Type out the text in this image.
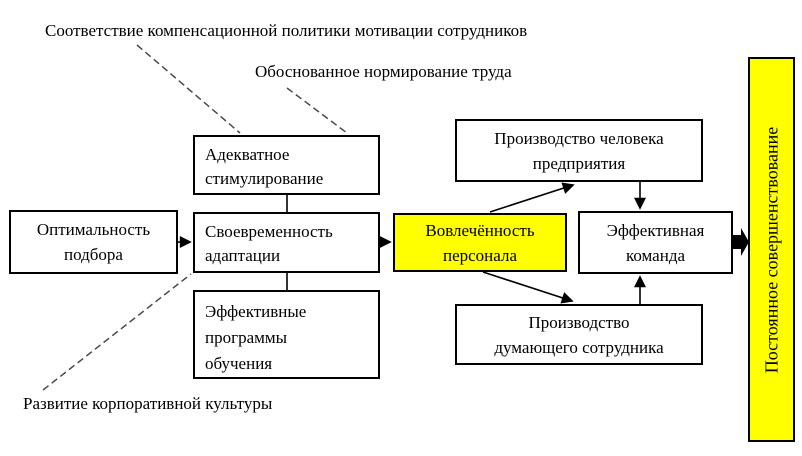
Соответствие компенсационной политики мотивации сотрудников
Обоснованное нормирование труда
Развитие корпоративной культуры
Оптимальность
подбора
Адекватное
стимулирование
Своевременность
адаптации
Эффективные
программы
обучения
Вовлечённость
персонала
Производство человека
предприятия
Эффективная
команда
Производство
думающего сотрудника	Постоянное совершенствование
